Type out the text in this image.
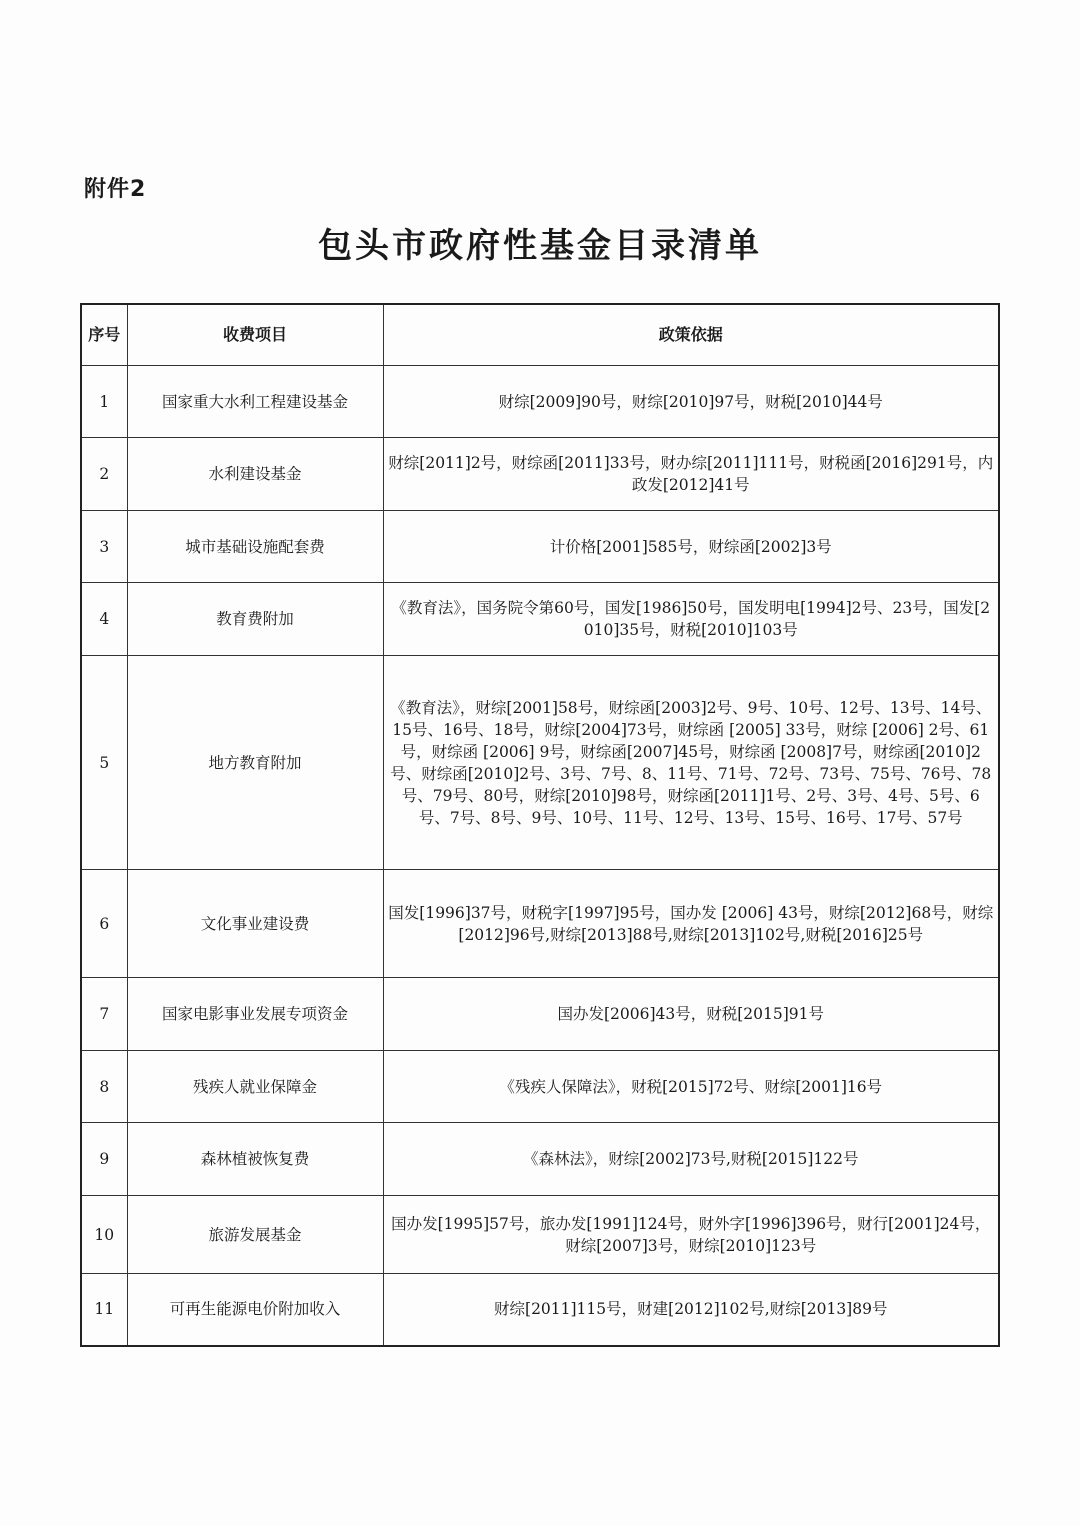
附件2
包头市政府性基金目录清单
序号	收费项目	政策依据
1	国家重大水利工程建设基金	财综[2009]90号，财综[2010]97号，财税[2010]44号
2	水利建设基金	财综[2011]2号，财综函[2011]33号，财办综[2011]111号，财税函[2016]291号，内政发[2012]41号
3	城市基础设施配套费	计价格[2001]585号，财综函[2002]3号
4	教育费附加	《教育法》，国务院令第60号，国发[1986]50号，国发明电[1994]2号、23号，国发[2010]35号，财税[2010]103号
5	地方教育附加	《教育法》，财综[2001]58号，财综函[2003]2号、9号、10号、12号、13号、14号、15号、16号、18号，财综[2004]73号，财综函 [2005] 33号，财综 [2006] 2号、61号，财综函 [2006] 9号，财综函[2007]45号，财综函 [2008]7号，财综函[2010]2号、财综函[2010]2号、3号、7号、8、11号、71号、72号、73号、75号、76号、78号、79号、80号，财综[2010]98号，财综函[2011]1号、2号、3号、4号、5号、6号、7号、8号、9号、10号、11号、12号、13号、15号、16号、17号、57号
6	文化事业建设费	国发[1996]37号，财税字[1997]95号，国办发 [2006] 43号，财综[2012]68号，财综[2012]96号,财综[2013]88号,财综[2013]102号,财税[2016]25号
7	国家电影事业发展专项资金	国办发[2006]43号，财税[2015]91号
8	残疾人就业保障金	《残疾人保障法》，财税[2015]72号、财综[2001]16号
9	森林植被恢复费	《森林法》，财综[2002]73号,财税[2015]122号
10	旅游发展基金	国办发[1995]57号，旅办发[1991]124号，财外字[1996]396号，财行[2001]24号，财综[2007]3号，财综[2010]123号
11	可再生能源电价附加收入	财综[2011]115号，财建[2012]102号,财综[2013]89号
